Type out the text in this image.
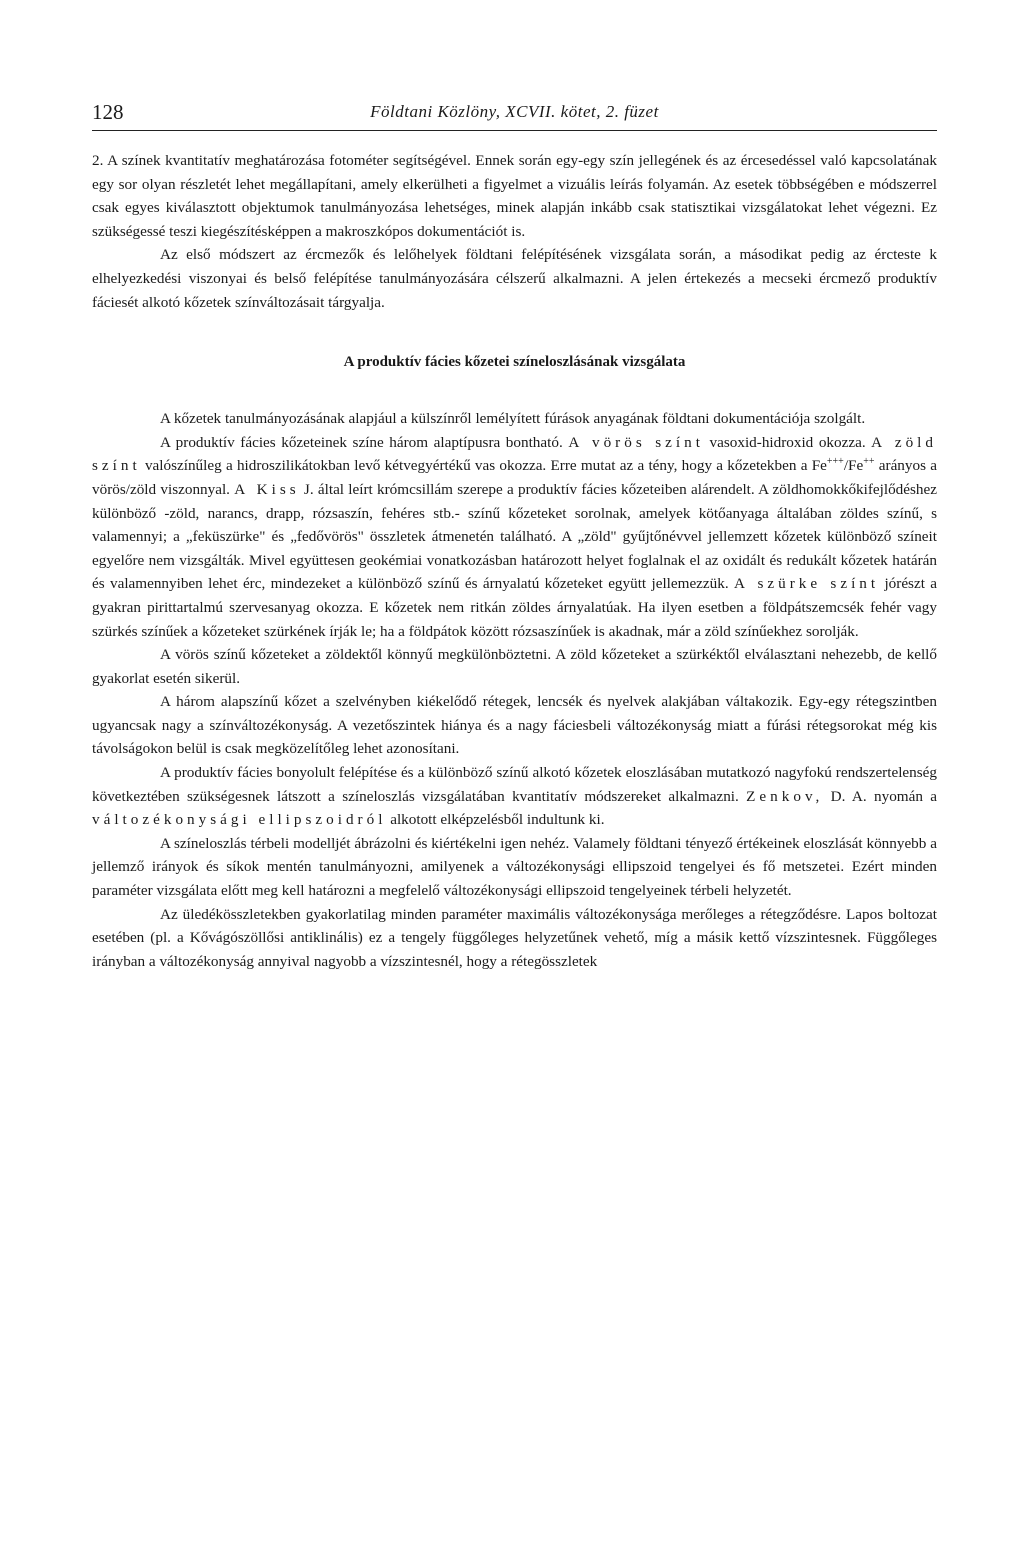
128	Földtani Közlöny, XCVII. kötet, 2. füzet

2. A színek kvantitatív meghatározása fotométer segítségével. Ennek során egy-egy szín jellegének és az ércesedéssel való kapcsolatának egy sor olyan részletét lehet megállapítani, amely elkerülheti a figyelmet a vizuális leírás folyamán. Az esetek többségében e módszerrel csak egyes kiválasztott objektumok tanulmányozása lehetséges, minek alapján inkább csak statisztikai vizsgálatokat lehet végezni. Ez szükségessé teszi kiegészítésképpen a makroszkópos dokumentációt is.

Az első módszert az ércmezők és lelőhelyek földtani felépítésének vizsgálata során, a másodikat pedig az ércteste k elhelyezkedési viszonyai és belső felépítése tanulmányozására célszerű alkalmazni. A jelen értekezés a mecseki ércmező produktív fáciesét alkotó kőzetek színváltozásait tárgyalja.

A produktív fácies kőzetei színeloszlásának vizsgálata

A kőzetek tanulmányozásának alapjául a külszínről lemélyített fúrások anyagának földtani dokumentációja szolgált.

A produktív fácies kőzeteinek színe három alaptípusra bontható. A vörös színt vasoxid-hidroxid okozza. A zöld színt valószínűleg a hidroszilikátokban levő kétvegyértékű vas okozza. Erre mutat az a tény, hogy a kőzetekben a Fe+++/Fe++ arányos a vörös/zöld viszonnyal. A Kiss J. által leírt krómcsillám szerepe a produktív fácies kőzeteiben alárendelt. A zöldhomokkőkifejlődéshez különböző -zöld, narancs, drapp, rózsaszín, fehéres stb.- színű kőzeteket sorolnak, amelyek kötőanyaga általában zöldes színű, s valamennyi; a „feküszürke" és „fedővörös" összletek átmenetén található. A „zöld" gyűjtőnévvel jellemzett kőzetek különböző színeit egyelőre nem vizsgálták. Mivel együttesen geokémiai vonatkozásban határozott helyet foglalnak el az oxidált és redukált kőzetek határán és valamennyiben lehet érc, mindezeket a különböző színű és árnyalatú kőzeteket együtt jellemezzük. A szürke színt jórészt a gyakran pirittartalmú szervesanyag okozza. E kőzetek nem ritkán zöldes árnyalatúak. Ha ilyen esetben a földpátszemcsék fehér vagy szürkés színűek a kőzeteket szürkének írják le; ha a földpátok között rózsaszínűek is akadnak, már a zöld színűekhez sorolják.

A vörös színű kőzeteket a zöldektől könnyű megkülönböztetni. A zöld kőzeteket a szürkéktől elválasztani nehezebb, de kellő gyakorlat esetén sikerül.

A három alapszínű kőzet a szelvényben kiékelődő rétegek, lencsék és nyelvek alakjában váltakozik. Egy-egy rétegszintben ugyancsak nagy a színváltozékonyság. A vezetőszintek hiánya és a nagy fáciesbeli változékonyság miatt a fúrási rétegsorokat még kis távolságokon belül is csak megközelítőleg lehet azonosítani.

A produktív fácies bonyolult felépítése és a különböző színű alkotó kőzetek eloszlásában mutatkozó nagyfokú rendszertelenség következtében szükségesnek látszott a színeloszlás vizsgálatában kvantitatív módszereket alkalmazni. Zenkov, D. A. nyomán a változékonysági ellipszoidról alkotott elképzelésből indultunk ki.

A színeloszlás térbeli modelljét ábrázolni és kiértékelni igen nehéz. Valamely földtani tényező értékeinek eloszlását könnyebb a jellemző irányok és síkok mentén tanulmányozni, amilyenek a változékonysági ellipszoid tengelyei és fő metszetei. Ezért minden paraméter vizsgálata előtt meg kell határozni a megfelelő változékonysági ellipszoid tengelyeinek térbeli helyzetét.

Az üledékösszletekben gyakorlatilag minden paraméter maximális változékonysága merőleges a rétegződésre. Lapos boltozat esetében (pl. a Kővágószöllősi antiklinális) ez a tengely függőleges helyzetűnek vehető, míg a másik kettő vízszintesnek. Függőleges irányban a változékonyság annyival nagyobb a vízszintesnél, hogy a rétegösszletek
